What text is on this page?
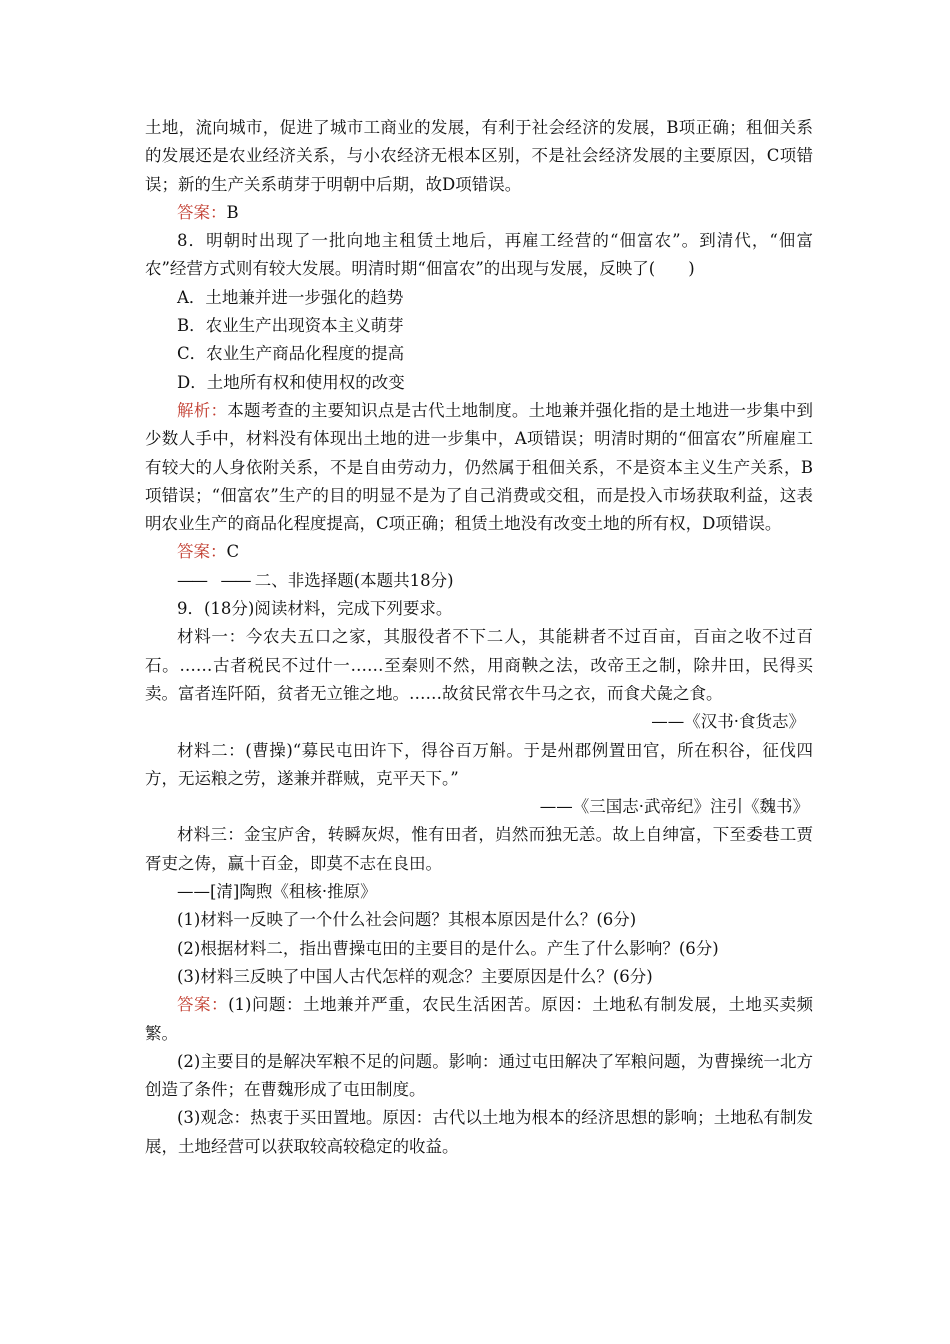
土地，流向城市，促进了城市工商业的发展，有利于社会经济的发展，B项正确；租佃关系的发展还是农业经济关系，与小农经济无根本区别，不是社会经济发展的主要原因，C项错误；新的生产关系萌芽于明朝中后期，故D项错误。

答案：B

8．明朝时出现了一批向地主租赁土地后，再雇工经营的“佃富农”。到清代，“佃富农”经营方式则有较大发展。明清时期“佃富农”的出现与发展，反映了(　　)

A．土地兼并进一步强化的趋势

B．农业生产出现资本主义萌芽

C．农业生产商品化程度的提高

D．土地所有权和使用权的改变

解析：本题考查的主要知识点是古代土地制度。土地兼并强化指的是土地进一步集中到少数人手中，材料没有体现出土地的进一步集中，A项错误；明清时期的“佃富农”所雇雇工有较大的人身依附关系，不是自由劳动力，仍然属于租佃关系，不是资本主义生产关系，B项错误；“佃富农”生产的目的明显不是为了自己消费或交租，而是投入市场获取利益，这表明农业生产的商品化程度提高，C项正确；租赁土地没有改变土地的所有权，D项错误。

答案：C

——　—— 二、非选择题(本题共18分)

9．(18分)阅读材料，完成下列要求。

材料一：今农夫五口之家，其服役者不下二人，其能耕者不过百亩，百亩之收不过百石。……古者税民不过什一……至秦则不然，用商鞅之法，改帝王之制，除井田，民得买卖。富者连阡陌，贫者无立锥之地。……故贫民常衣牛马之衣，而食犬彘之食。

——《汉书·食货志》

材料二：(曹操)“募民屯田许下，得谷百万斛。于是州郡例置田官，所在积谷，征伐四方，无运粮之劳，遂兼并群贼，克平天下。”

——《三国志·武帝纪》注引《魏书》

材料三：金宝庐舍，转瞬灰烬，惟有田者，岿然而独无恙。故上自绅富，下至委巷工贾胥吏之俦，赢十百金，即莫不志在良田。

——[清]陶煦《租核·推原》

(1)材料一反映了一个什么社会问题？其根本原因是什么？(6分)

(2)根据材料二，指出曹操屯田的主要目的是什么。产生了什么影响？(6分)

(3)材料三反映了中国人古代怎样的观念？主要原因是什么？(6分)

答案：(1)问题：土地兼并严重，农民生活困苦。原因：土地私有制发展，土地买卖频繁。

(2)主要目的是解决军粮不足的问题。影响：通过屯田解决了军粮问题，为曹操统一北方创造了条件；在曹魏形成了屯田制度。

(3)观念：热衷于买田置地。原因：古代以土地为根本的经济思想的影响；土地私有制发展，土地经营可以获取较高较稳定的收益。
